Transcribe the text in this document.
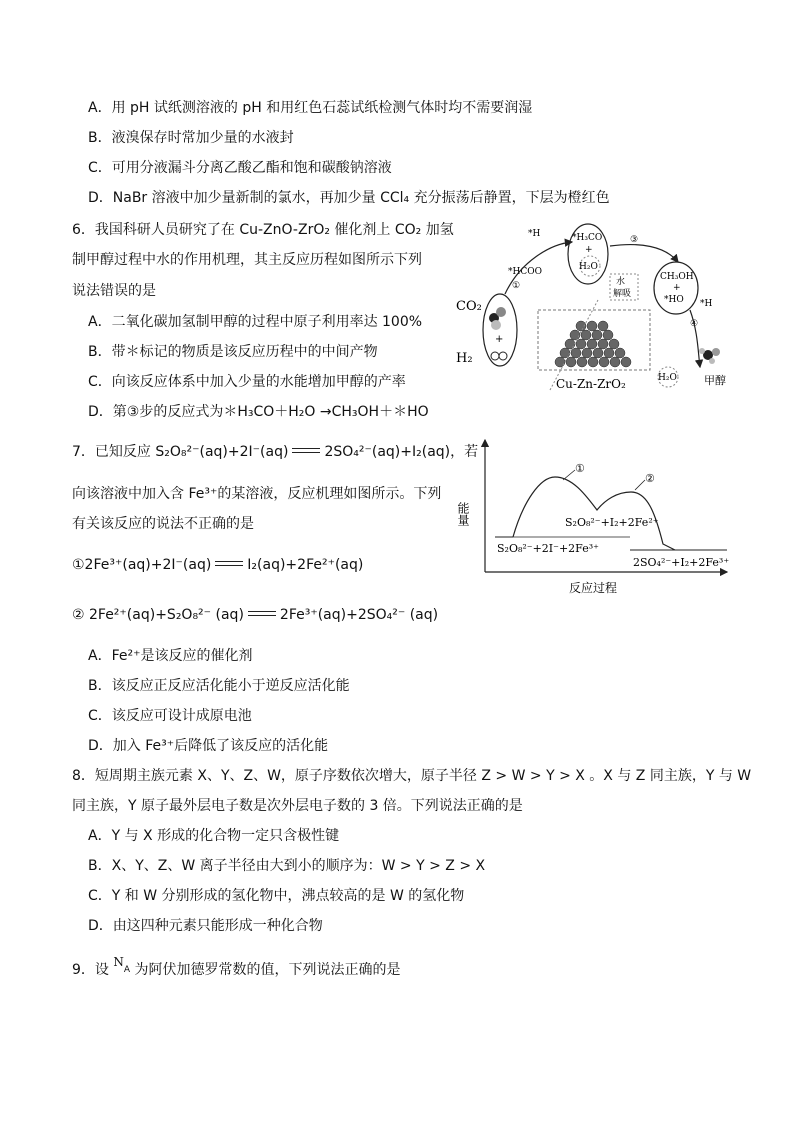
A．用 pH 试纸测溶液的 pH 和用红色石蕊试纸检测气体时均不需要润湿
B．液溴保存时常加少量的水液封
C．可用分液漏斗分离乙酸乙酯和饱和碳酸钠溶液
D．NaBr 溶液中加少量新制的氯水，再加少量 CCl₄ 充分振荡后静置，下层为橙红色
6．我国科研人员研究了在 Cu-ZnO-ZrO₂ 催化剂上 CO₂ 加氢
制甲醇过程中水的作用机理，其主反应历程如图所示下列
说法错误的是
A．二氧化碳加氢制甲醇的过程中原子利用率达 100%
B．带＊标记的物质是该反应历程中的中间产物
C．向该反应体系中加入少量的水能增加甲醇的产率
D．第③步的反应式为＊H₃CO＋H₂O →CH₃OH＋＊HO
+
CO₂
H₂
*HCOO
①
*H	*H₃CO
+
H₂O
③
水
解吸
CH₃OH
+
*HO *H
④
甲醇
Cu-Zn-ZrO₂	H₂O
7．已知反应 S₂O₈²⁻(aq)+2I⁻(aq)	2SO₄²⁻(aq)+I₂(aq)，若
向该溶液中加入含 Fe³⁺的某溶液，反应机理如图所示。下列
有关该反应的说法不正确的是
①2Fe³⁺(aq)+2I⁻(aq)	I₂(aq)+2Fe²⁺(aq)
② 2Fe²⁺(aq)+S₂O₈²⁻ (aq)	2Fe³⁺(aq)+2SO₄²⁻ (aq)
A．Fe²⁺是该反应的催化剂
B．该反应正反应活化能小于逆反应活化能
C．该反应可设计成原电池
D．加入 Fe³⁺后降低了该反应的活化能
能量
反应过程
①
②
S₂O₈²⁻+I₂+2Fe²⁺
S₂O₈²⁻+2I⁻+2Fe³⁺
2SO₄²⁻+I₂+2Fe³⁺
8．短周期主族元素 X、Y、Z、W，原子序数依次增大，原子半径 Z > W > Y > X 。X 与 Z 同主族，Y 与 W
同主族，Y 原子最外层电子数是次外层电子数的 3 倍。下列说法正确的是
A．Y 与 X 形成的化合物一定只含极性键
B．X、Y、Z、W 离子半径由大到小的顺序为：W > Y > Z > X
C．Y 和 W 分别形成的氢化物中，沸点较高的是 W 的氢化物
D．由这四种元素只能形成一种化合物
9．设 $N_A$ 为阿伏加德罗常数的值，下列说法正确的是
